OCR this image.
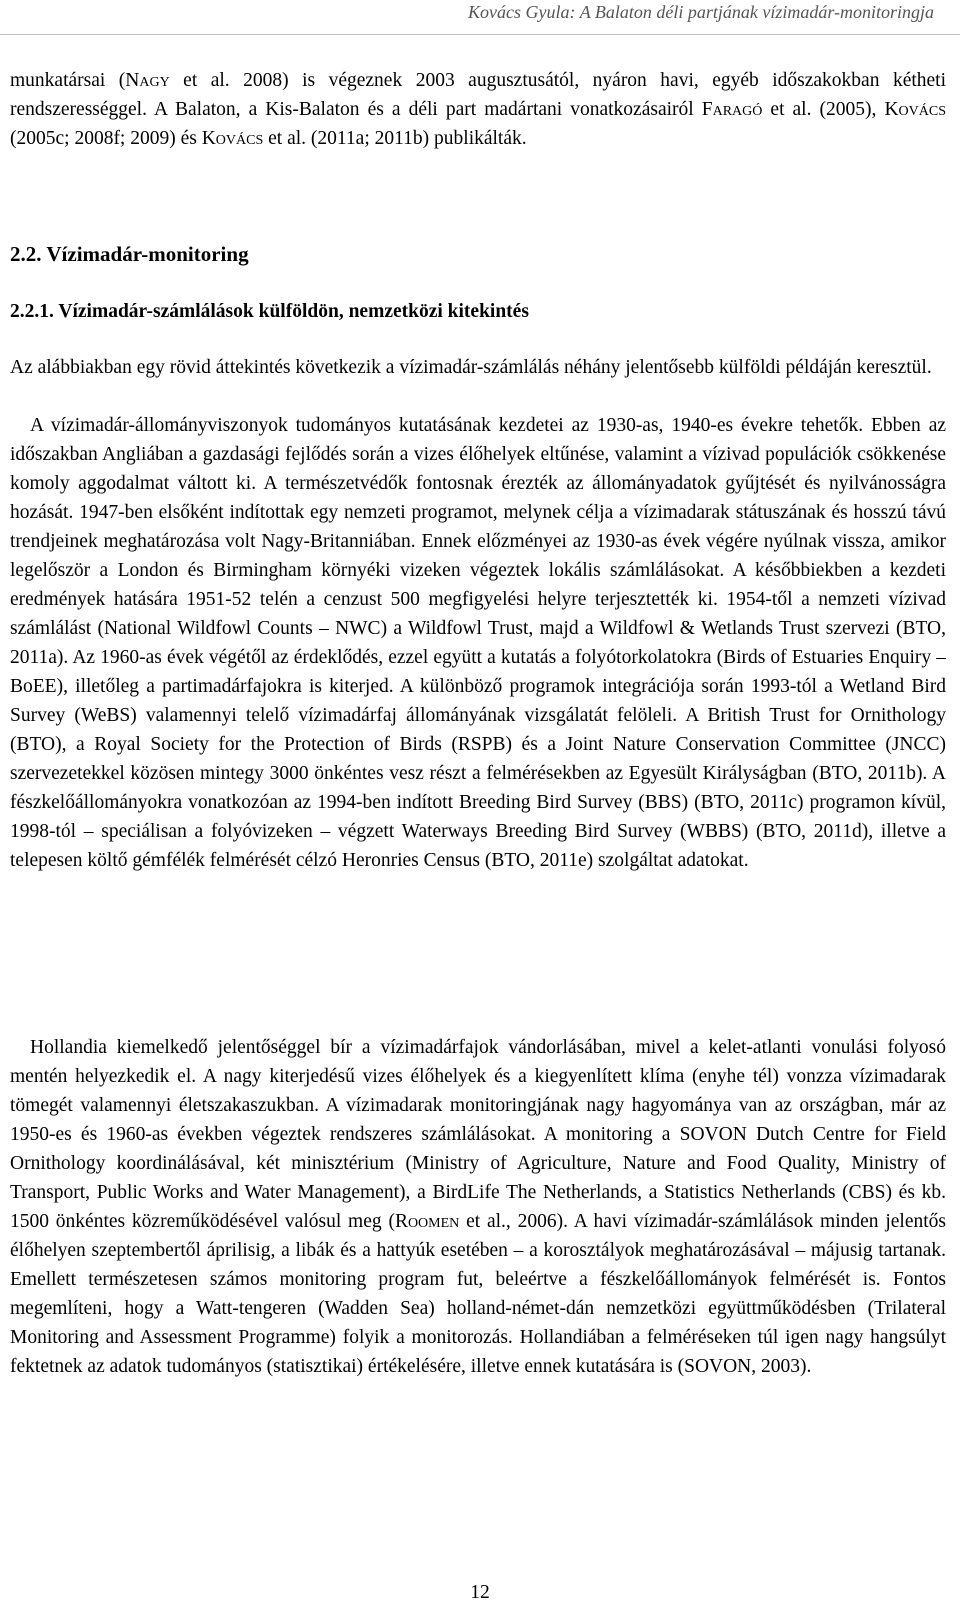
Kovács Gyula: A Balaton déli partjának vízimadár-monitoringja

munkatársai (Nagy et al. 2008) is végeznek 2003 augusztusától, nyáron havi, egyéb időszakokban kétheti rendszerességgel. A Balaton, a Kis-Balaton és a déli part madártani vonatkozásairól Faragó et al. (2005), Kovács (2005c; 2008f; 2009) és Kovács et al. (2011a; 2011b) publikálták.

2.2. Vízimadár-monitoring
2.2.1. Vízimadár-számlálások külföldön, nemzetközi kitekintés

Az alábbiakban egy rövid áttekintés következik a vízimadár-számlálás néhány jelentősebb külföldi példáján keresztül.

A vízimadár-állományviszonyok tudományos kutatásának kezdetei az 1930-as, 1940-es évekre tehetők. Ebben az időszakban Angliában a gazdasági fejlődés során a vizes élőhelyek eltűnése, valamint a vízivad populációk csökkenése komoly aggodalmat váltott ki. A természetvédők fontosnak érezték az állományadatok gyűjtését és nyilvánosságra hozását. 1947-ben elsőként indítottak egy nemzeti programot, melynek célja a vízimadarak státuszának és hosszú távú trendjeinek meghatározása volt Nagy-Britanniában. Ennek előzményei az 1930-as évek végére nyúlnak vissza, amikor legelőször a London és Birmingham környéki vizeken végeztek lokális számlálásokat. A későbbiekben a kezdeti eredmények hatására 1951-52 telén a cenzust 500 megfigyelési helyre terjesztették ki. 1954-től a nemzeti vízivad számlálást (National Wildfowl Counts – NWC) a Wildfowl Trust, majd a Wildfowl & Wetlands Trust szervezi (BTO, 2011a). Az 1960-as évek végétől az érdeklődés, ezzel együtt a kutatás a folyótorkolatokra (Birds of Estuaries Enquiry – BoEE), illetőleg a partimadárfajokra is kiterjed. A különböző programok integrációja során 1993-tól a Wetland Bird Survey (WeBS) valamennyi telelő vízimadárfaj állományának vizsgálatát felöleli. A British Trust for Ornithology (BTO), a Royal Society for the Protection of Birds (RSPB) és a Joint Nature Conservation Committee (JNCC) szervezetekkel közösen mintegy 3000 önkéntes vesz részt a felmérésekben az Egyesült Királyságban (BTO, 2011b). A fészkelőállományokra vonatkozóan az 1994-ben indított Breeding Bird Survey (BBS) (BTO, 2011c) programon kívül, 1998-tól – speciálisan a folyóvizeken – végzett Waterways Breeding Bird Survey (WBBS) (BTO, 2011d), illetve a telepesen költő gémfélék felmérését célzó Heronries Census (BTO, 2011e) szolgáltat adatokat.

Hollandia kiemelkedő jelentőséggel bír a vízimadárfajok vándorlásában, mivel a kelet-atlanti vonulási folyosó mentén helyezkedik el. A nagy kiterjedésű vizes élőhelyek és a kiegyenlített klíma (enyhe tél) vonzza vízimadarak tömegét valamennyi életszakaszukban. A vízimadarak monitoringjának nagy hagyománya van az országban, már az 1950-es és 1960-as években végeztek rendszeres számlálásokat. A monitoring a SOVON Dutch Centre for Field Ornithology koordinálásával, két minisztérium (Ministry of Agriculture, Nature and Food Quality, Ministry of Transport, Public Works and Water Management), a BirdLife The Netherlands, a Statistics Netherlands (CBS) és kb. 1500 önkéntes közreműködésével valósul meg (Roomen et al., 2006). A havi vízimadár-számlálások minden jelentős élőhelyen szeptembertől áprilisig, a libák és a hattyúk esetében – a korosztályok meghatározásával – májusig tartanak. Emellett természetesen számos monitoring program fut, beleértve a fészkelőállományok felmérését is. Fontos megemlíteni, hogy a Watt-tengeren (Wadden Sea) holland-német-dán nemzetközi együttműködésben (Trilateral Monitoring and Assessment Programme) folyik a monitorozás. Hollandiában a felméréseken túl igen nagy hangsúlyt fektetnek az adatok tudományos (statisztikai) értékelésére, illetve ennek kutatására is (SOVON, 2003).

12
